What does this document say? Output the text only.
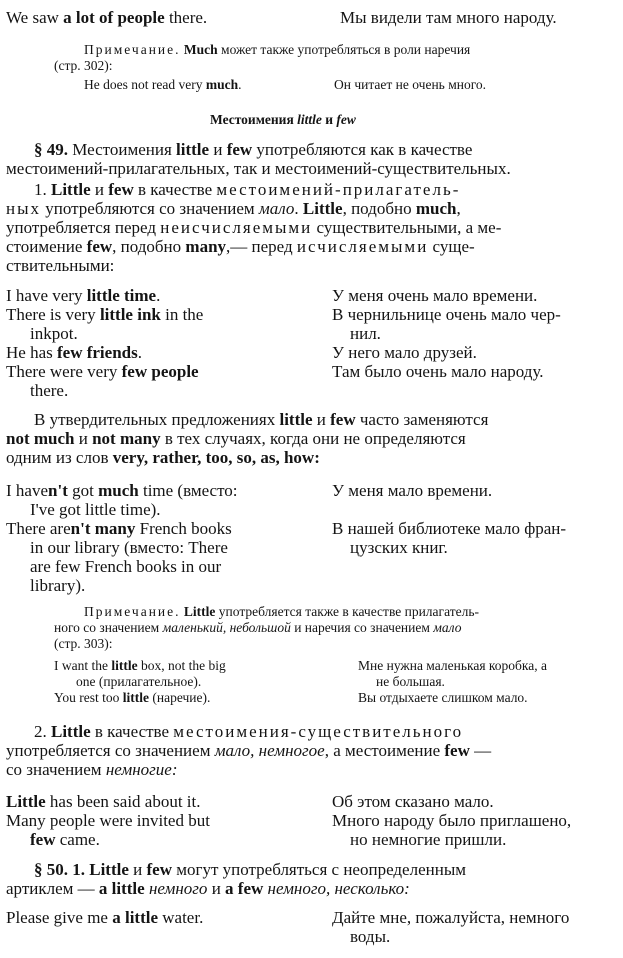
We saw a lot of people there.	Мы видели там много народу.
Примечание. Much может также употребляться в роли наречия
(стр. 302):
He does not read very much.	Он читает не очень много.
Местоимения little и few
§ 49. Местоимения little и few употребляются как в качестве
местоимений-прилагательных, так и местоимений-существительных.
1. Little и few в качестве местоимений-прилагатель-
ных употребляются со значением мало. Little, подобно much,
употребляется перед неисчисляемыми существительными, а ме-
стоимение few, подобно many,— перед исчисляемыми суще-
ствительными:
I have very little time.	У меня очень мало времени.
There is very little ink in the	В чернильнице очень мало чер-
inkpot.	нил.
He has few friends.	У него мало друзей.
There were very few people	Там было очень мало народу.
there.
В утвердительных предложениях little и few часто заменяются
not much и not many в тех случаях, когда они не определяются
одним из слов very, rather, too, so, as, how:
I haven't got much time (вместо:	У меня мало времени.
I've got little time).
There aren't many French books	В нашей библиотеке мало фран-
in our library (вместо: There	цузских книг.
are few French books in our
library).
Примечание. Little употребляется также в качестве прилагатель-
ного со значением маленький, небольшой и наречия со значением мало
(стр. 303):
I want the little box, not the big	Мне нужна маленькая коробка, а
one (прилагательное).	не большая.
You rest too little (наречие).	Вы отдыхаете слишком мало.
2. Little в качестве местоимения-существительного
употребляется со значением мало, немногое, а местоимение few —
со значением немногие:
Little has been said about it.	Об этом сказано мало.
Many people were invited but	Много народу было приглашено,
few came.	но немногие пришли.
§ 50. 1. Little и few могут употребляться с неопределенным
артиклем — a little немного и a few немного, несколько:
Please give me a little water.	Дайте мне, пожалуйста, немного
воды.
